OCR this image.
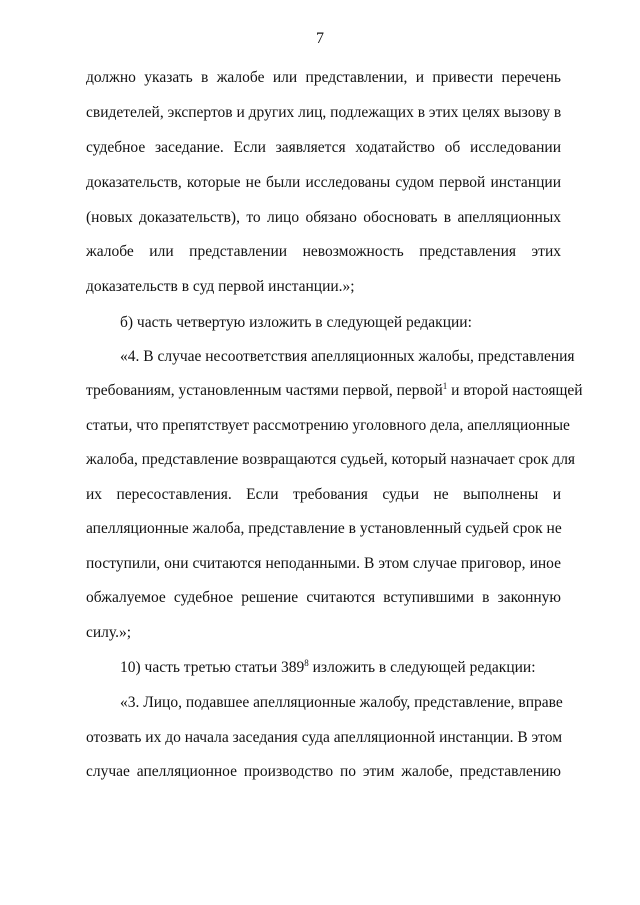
7
должно указать в жалобе или представлении, и привести перечень
свидетелей, экспертов и других лиц, подлежащих в этих целях вызову в
судебное заседание. Если заявляется ходатайство об исследовании
доказательств, которые не были исследованы судом первой инстанции
(новых доказательств), то лицо обязано обосновать в апелляционных
жалобе или представлении невозможность представления этих
доказательств в суд первой инстанции.»;
б) часть четвертую изложить в следующей редакции:
«4. В случае несоответствия апелляционных жалобы, представления
требованиям, установленным частями первой, первой$^1$ и второй настоящей
статьи, что препятствует рассмотрению уголовного дела, апелляционные
жалоба, представление возвращаются судьей, который назначает срок для
их пересоставления. Если требования судьи не выполнены и
апелляционные жалоба, представление в установленный судьей срок не
поступили, они считаются неподанными. В этом случае приговор, иное
обжалуемое судебное решение считаются вступившими в законную
силу.»;
10) часть третью статьи $389^8$ изложить в следующей редакции:
«3. Лицо, подавшее апелляционные жалобу, представление, вправе
отозвать их до начала заседания суда апелляционной инстанции. В этом
случае апелляционное производство по этим жалобе, представлению
